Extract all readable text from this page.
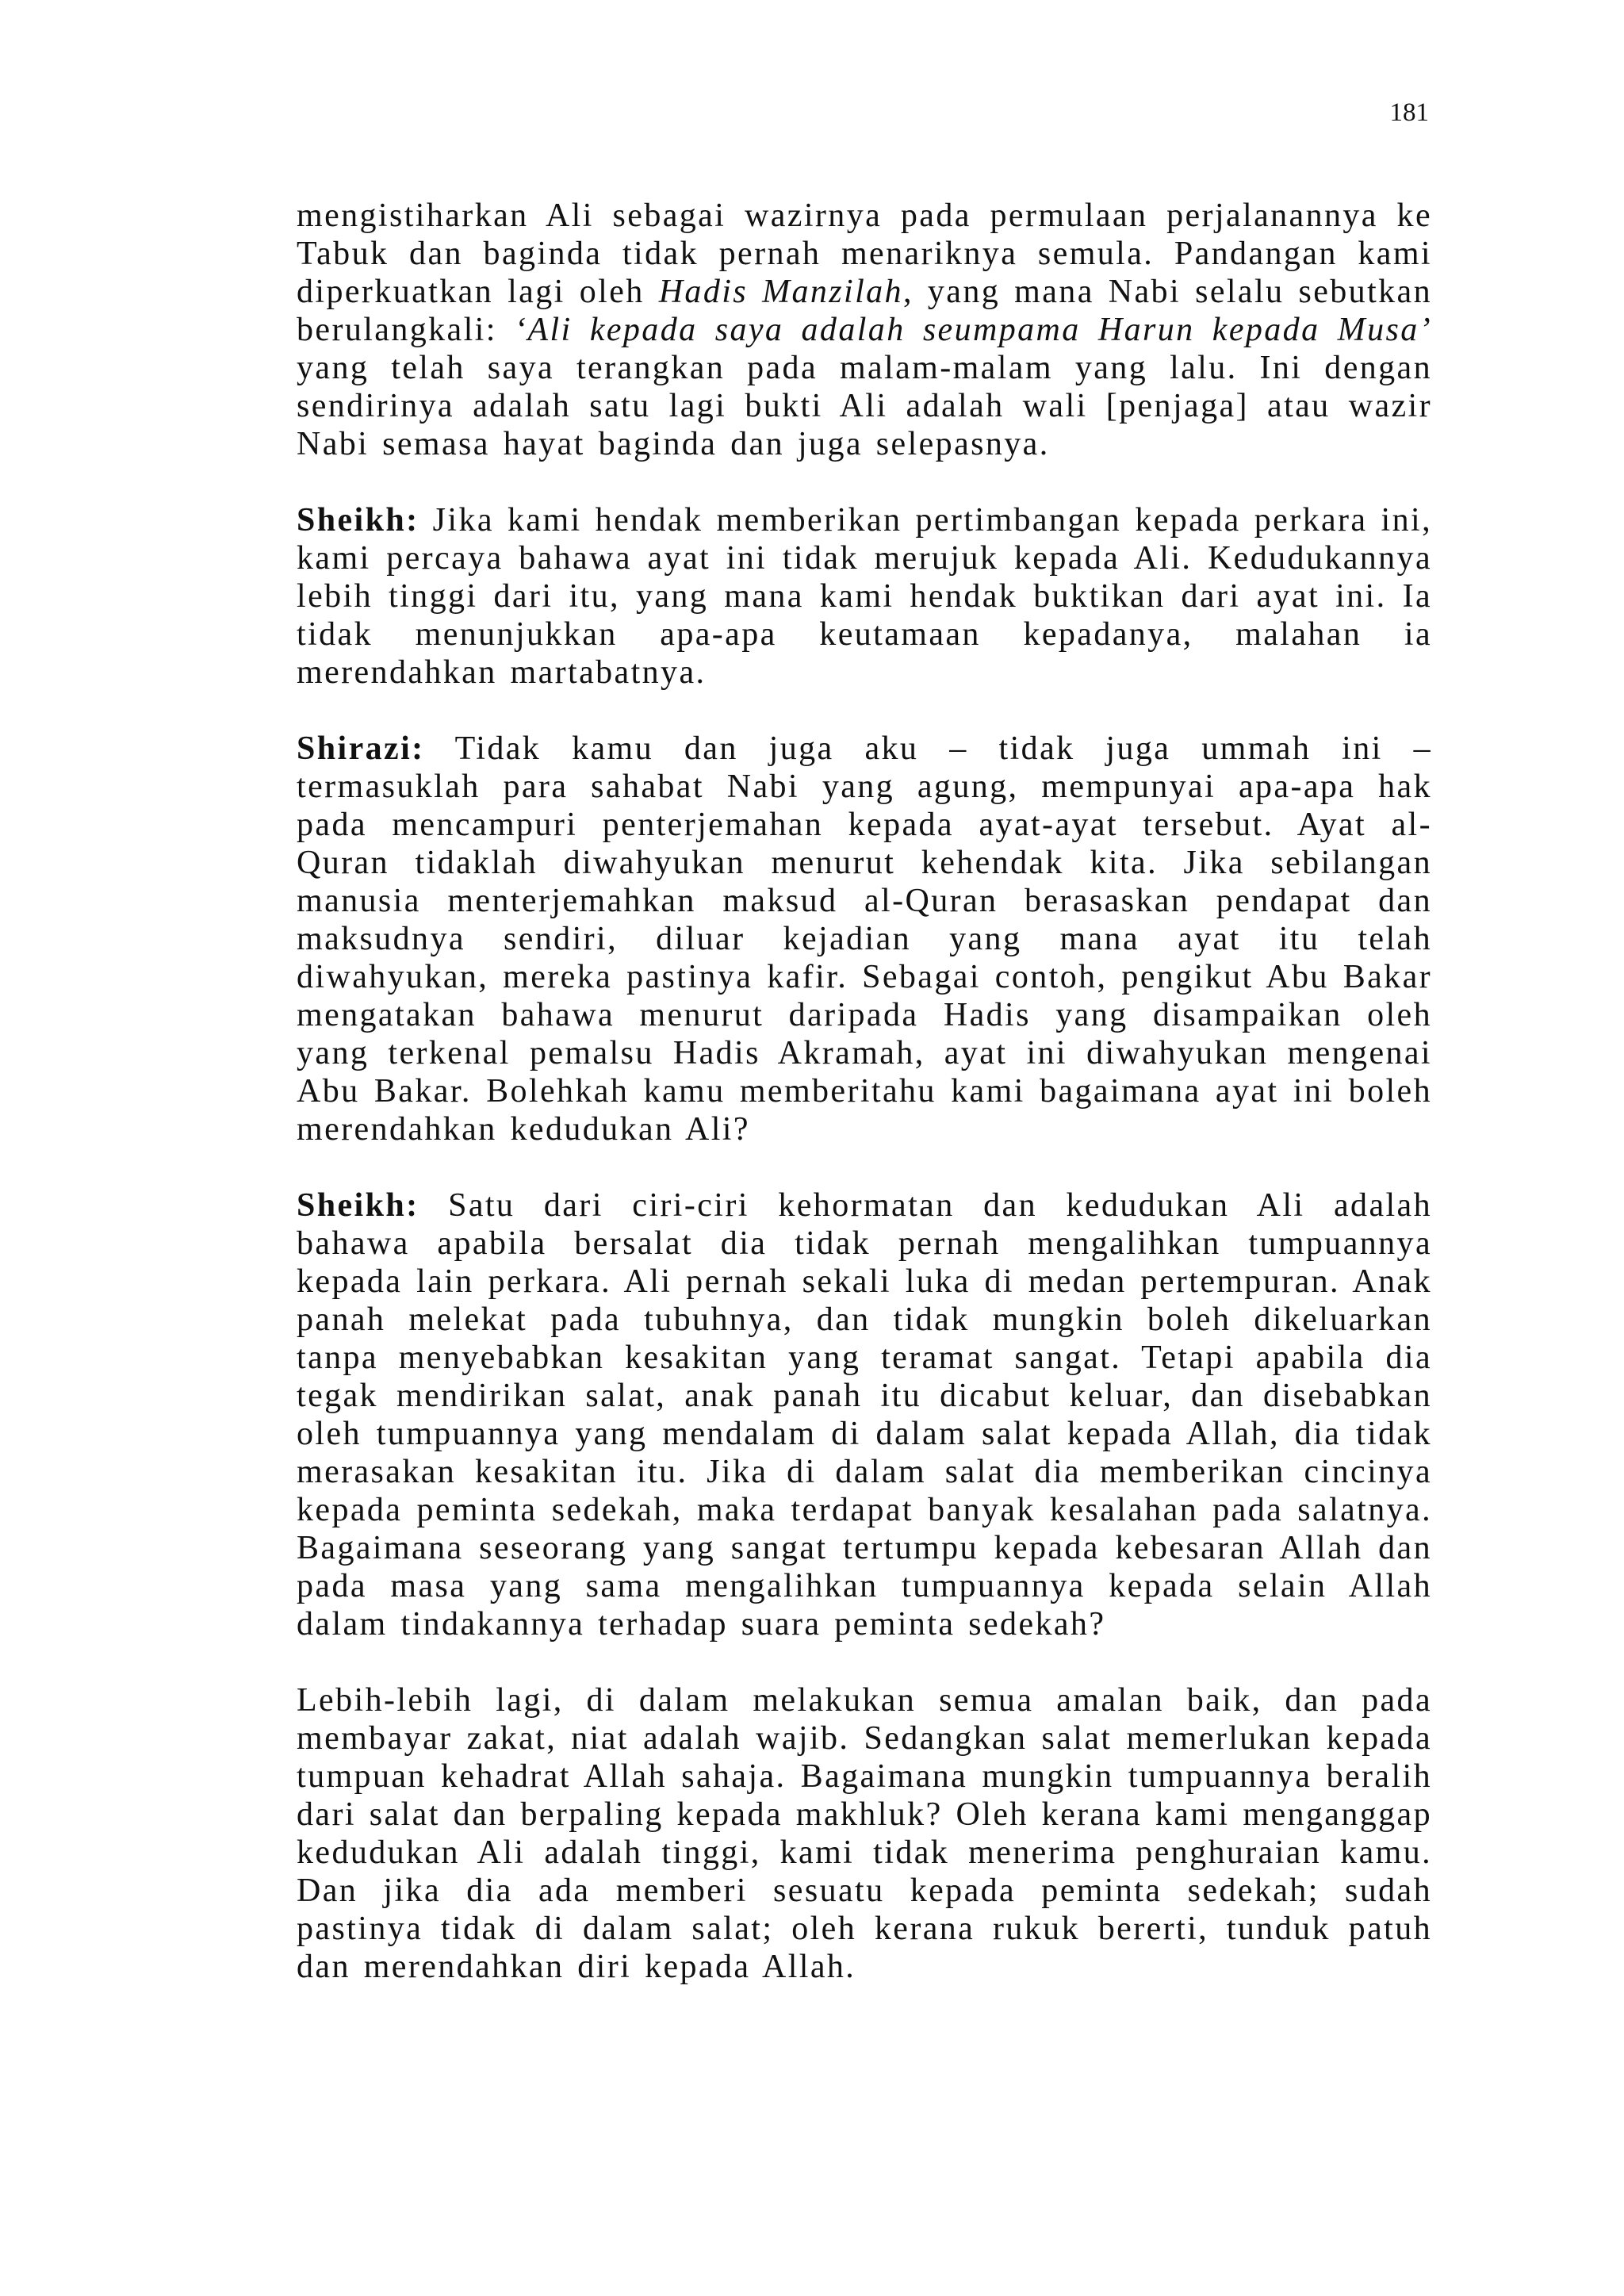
181

mengistiharkan Ali sebagai wazirnya pada permulaan perjalanannya ke Tabuk dan baginda tidak pernah menariknya semula. Pandangan kami diperkuatkan lagi oleh Hadis Manzilah, yang mana Nabi selalu sebutkan berulangkali: ‘Ali kepada saya adalah seumpama Harun kepada Musa’ yang telah saya terangkan pada malam-malam yang lalu. Ini dengan sendirinya adalah satu lagi bukti Ali adalah wali [penjaga] atau wazir Nabi semasa hayat baginda dan juga selepasnya.

Sheikh: Jika kami hendak memberikan pertimbangan kepada perkara ini, kami percaya bahawa ayat ini tidak merujuk kepada Ali. Kedudukannya lebih tinggi dari itu, yang mana kami hendak buktikan dari ayat ini. Ia tidak menunjukkan apa-apa keutamaan kepadanya, malahan ia merendahkan martabatnya.

Shirazi: Tidak kamu dan juga aku – tidak juga ummah ini – termasuklah para sahabat Nabi yang agung, mempunyai apa-apa hak pada mencampuri penterjemahan kepada ayat-ayat tersebut. Ayat al-Quran tidaklah diwahyukan menurut kehendak kita. Jika sebilangan manusia menterjemahkan maksud al-Quran berasaskan pendapat dan maksudnya sendiri, diluar kejadian yang mana ayat itu telah diwahyukan, mereka pastinya kafir. Sebagai contoh, pengikut Abu Bakar mengatakan bahawa menurut daripada Hadis yang disampaikan oleh yang terkenal pemalsu Hadis Akramah, ayat ini diwahyukan mengenai Abu Bakar. Bolehkah kamu memberitahu kami bagaimana ayat ini boleh merendahkan kedudukan Ali?

Sheikh: Satu dari ciri-ciri kehormatan dan kedudukan Ali adalah bahawa apabila bersalat dia tidak pernah mengalihkan tumpuannya kepada lain perkara. Ali pernah sekali luka di medan pertempuran. Anak panah melekat pada tubuhnya, dan tidak mungkin boleh dikeluarkan tanpa menyebabkan kesakitan yang teramat sangat. Tetapi apabila dia tegak mendirikan salat, anak panah itu dicabut keluar, dan disebabkan oleh tumpuannya yang mendalam di dalam salat kepada Allah, dia tidak merasakan kesakitan itu. Jika di dalam salat dia memberikan cincinya kepada peminta sedekah, maka terdapat banyak kesalahan pada salatnya. Bagaimana seseorang yang sangat tertumpu kepada kebesaran Allah dan pada masa yang sama mengalihkan tumpuannya kepada selain Allah dalam tindakannya terhadap suara peminta sedekah?

Lebih-lebih lagi, di dalam melakukan semua amalan baik, dan pada membayar zakat, niat adalah wajib. Sedangkan salat memerlukan kepada tumpuan kehadrat Allah sahaja. Bagaimana mungkin tumpuannya beralih dari salat dan berpaling kepada makhluk? Oleh kerana kami menganggap kedudukan Ali adalah tinggi, kami tidak menerima penghuraian kamu. Dan jika dia ada memberi sesuatu kepada peminta sedekah; sudah pastinya tidak di dalam salat; oleh kerana rukuk bererti, tunduk patuh dan merendahkan diri kepada Allah.
